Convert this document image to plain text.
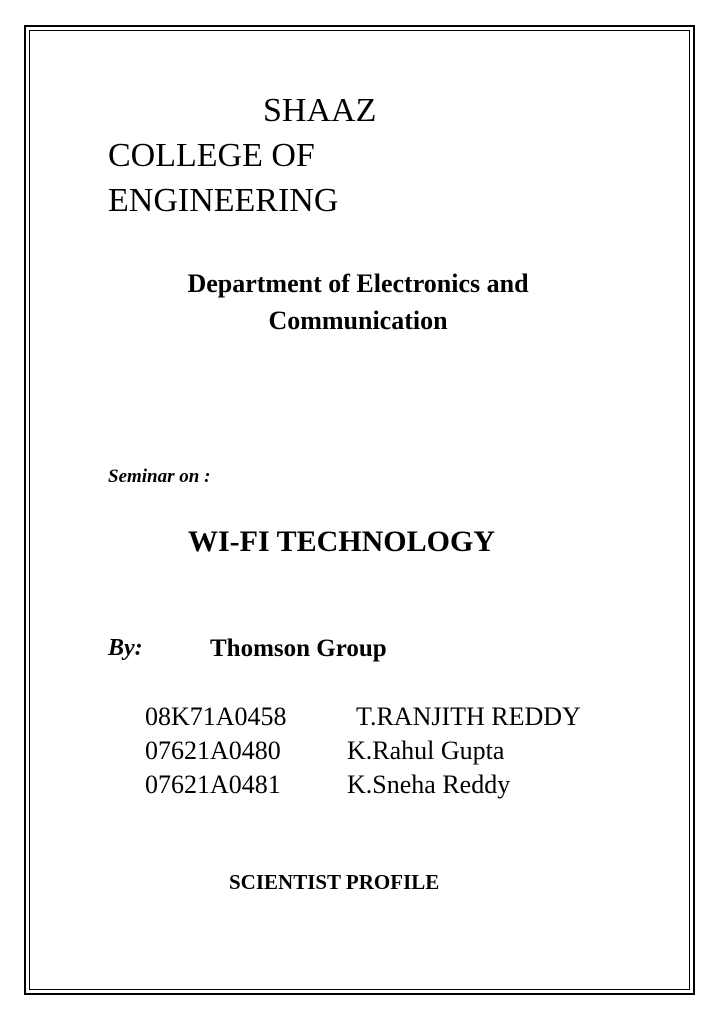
SHAAZ
COLLEGE OF
ENGINEERING
Department of Electronics and
Communication
Seminar on :
WI-FI TECHNOLOGY
By:	Thomson Group
08K71A0458	T.RANJITH REDDY
07621A0480	K.Rahul Gupta
07621A0481	K.Sneha Reddy
SCIENTIST PROFILE
